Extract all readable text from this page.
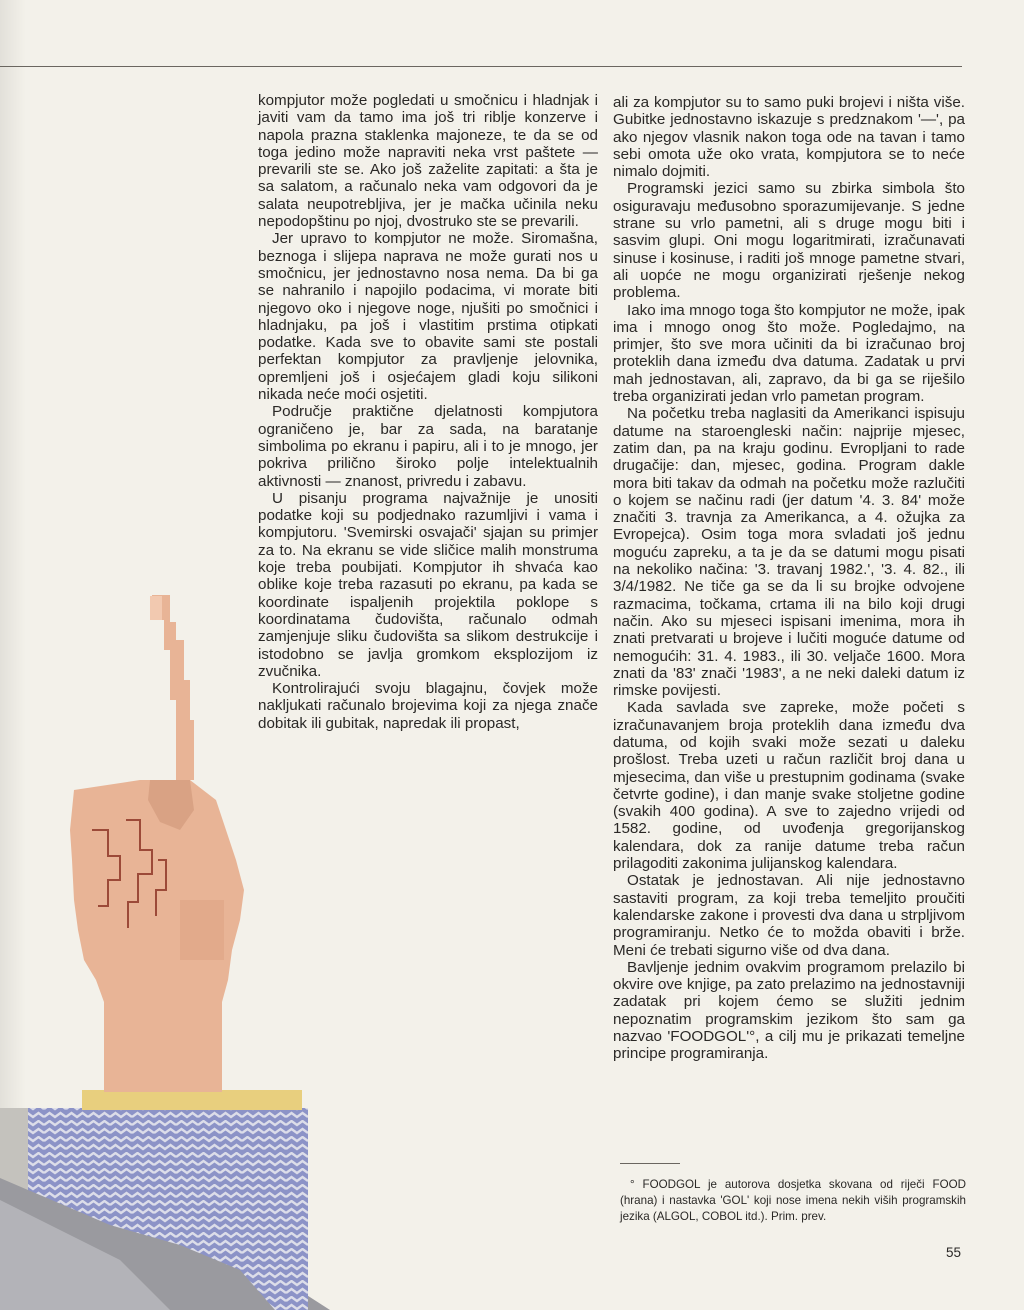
kompjutor može pogledati u smočnicu i hladnjak i javiti vam da tamo ima još tri riblje konzerve i napola prazna staklenka majoneze, te da se od toga jedino može napraviti neka vrst paštete — prevarili ste se. Ako još zaželite zapitati: a šta je sa salatom, a računalo neka vam odgovori da je salata neupotrebljiva, jer je mačka učinila neku nepodopštinu po njoj, dvostruko ste se prevarili.

Jer upravo to kompjutor ne može. Siromašna, beznoga i slijepa naprava ne može gurati nos u smočnicu, jer jednostavno nosa nema. Da bi ga se nahranilo i napojilo podacima, vi morate biti njegovo oko i njegove noge, njušiti po smočnici i hladnjaku, pa još i vlastitim prstima otipkati podatke. Kada sve to obavite sami ste postali perfektan kompjutor za pravljenje jelovnika, opremljeni još i osjećajem gladi koju silikoni nikada neće moći osjetiti.

Područje praktične djelatnosti kompjutora ograničeno je, bar za sada, na baratanje simbolima po ekranu i papiru, ali i to je mnogo, jer pokriva prilično široko polje intelektualnih aktivnosti — znanost, privredu i zabavu.

U pisanju programa najvažnije je unositi podatke koji su podjednako razumljivi i vama i kompjutoru. 'Svemirski osvajači' sjajan su primjer za to. Na ekranu se vide sličice malih monstruma koje treba poubijati. Kompjutor ih shvaća kao oblike koje treba razasuti po ekranu, pa kada se koordinate ispaljenih projektila poklope s koordinatama čudovišta, računalo odmah zamjenjuje sliku čudovišta sa slikom destrukcije i istodobno se javlja gromkom eksplozijom iz zvučnika.

Kontrolirajući svoju blagajnu, čovjek može nakljukati računalo brojevima koji za njega znače dobitak ili gubitak, napredak ili propast,

ali za kompjutor su to samo puki brojevi i ništa više. Gubitke jednostavno iskazuje s predznakom '—', pa ako njegov vlasnik nakon toga ode na tavan i tamo sebi omota uže oko vrata, kompjutora se to neće nimalo dojmiti.

Programski jezici samo su zbirka simbola što osiguravaju međusobno sporazumijevanje. S jedne strane su vrlo pametni, ali s druge mogu biti i sasvim glupi. Oni mogu logaritmirati, izračunavati sinuse i kosinuse, i raditi još mnoge pametne stvari, ali uopće ne mogu organizirati rješenje nekog problema.

Iako ima mnogo toga što kompjutor ne može, ipak ima i mnogo onog što može. Pogledajmo, na primjer, što sve mora učiniti da bi izračunao broj proteklih dana između dva datuma. Zadatak u prvi mah jednostavan, ali, zapravo, da bi ga se riješilo treba organizirati jedan vrlo pametan program.

Na početku treba naglasiti da Amerikanci ispisuju datume na staroengleski način: najprije mjesec, zatim dan, pa na kraju godinu. Evropljani to rade drugačije: dan, mjesec, godina. Program dakle mora biti takav da odmah na početku može razlučiti o kojem se načinu radi (jer datum '4. 3. 84' može značiti 3. travnja za Amerikanca, a 4. ožujka za Evropejca). Osim toga mora svladati još jednu moguću zapreku, a ta je da se datumi mogu pisati na nekoliko načina: '3. travanj 1982.', '3. 4. 82., ili 3/4/1982. Ne tiče ga se da li su brojke odvojene razmacima, točkama, crtama ili na bilo koji drugi način. Ako su mjeseci ispisani imenima, mora ih znati pretvarati u brojeve i lučiti moguće datume od nemogućih: 31. 4. 1983., ili 30. veljače 1600. Mora znati da '83' znači '1983', a ne neki daleki datum iz rimske povijesti.

Kada savlada sve zapreke, može početi s izračunavanjem broja proteklih dana između dva datuma, od kojih svaki može sezati u daleku prošlost. Treba uzeti u račun različit broj dana u mjesecima, dan više u prestupnim godinama (svake četvrte godine), i dan manje svake stoljetne godine (svakih 400 godina). A sve to zajedno vrijedi od 1582. godine, od uvođenja gregorijanskog kalendara, dok za ranije datume treba račun prilagoditi zakonima julijanskog kalendara.

Ostatak je jednostavan. Ali nije jednostavno sastaviti program, za koji treba temeljito proučiti kalendarske zakone i provesti dva dana u strpljivom programiranju. Netko će to možda obaviti i brže. Meni će trebati sigurno više od dva dana.

Bavljenje jednim ovakvim programom prelazilo bi okvire ove knjige, pa zato prelazimo na jednostavniji zadatak pri kojem ćemo se služiti jednim nepoznatim programskim jezikom što sam ga nazvao 'FOODGOL'°, a cilj mu je prikazati temeljne principe programiranja.

° FOODGOL je autorova dosjetka skovana od riječi FOOD (hrana) i nastavka 'GOL' koji nose imena nekih viših programskih jezika (ALGOL, COBOL itd.). Prim. prev.
55
